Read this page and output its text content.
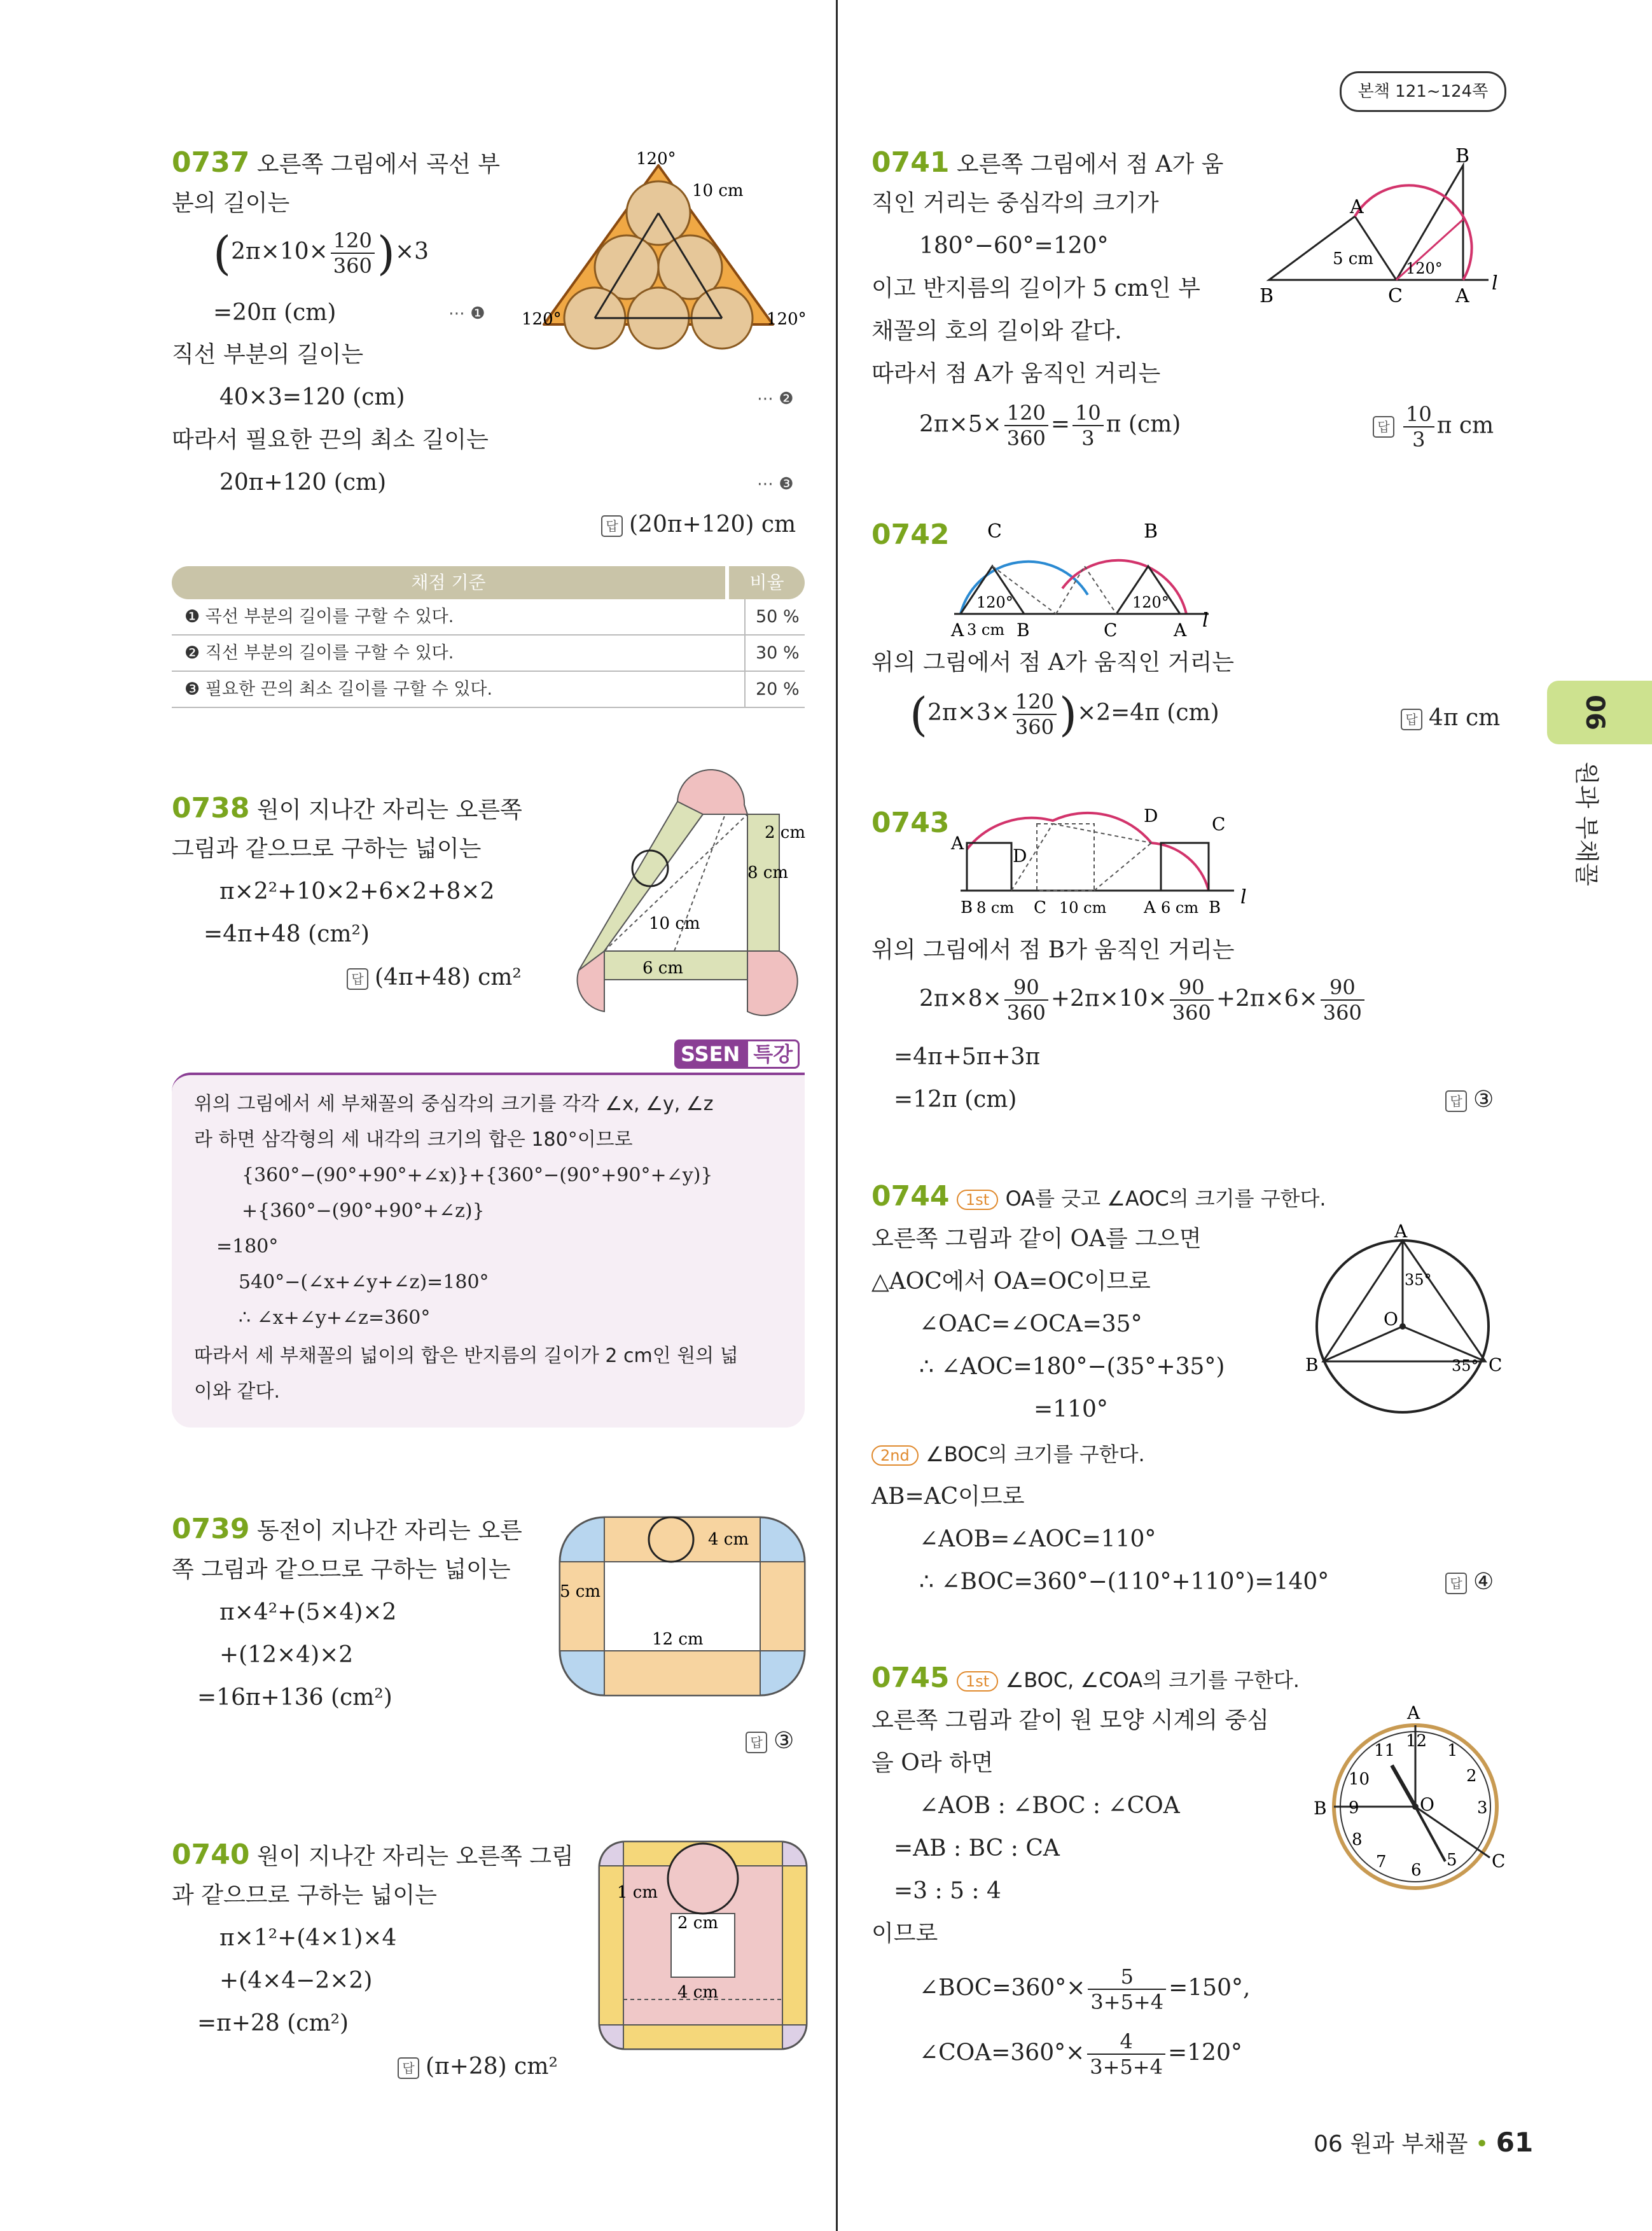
본책 121~124쪽
06
원과 부채꼴
0737 오른쪽 그림에서 곡선 부
분의 길이는
$(2\pi\times 10\times \frac{120}{360} )\times 3$
=20π (cm)	⋯ ❶
직선 부분의 길이는
40×3=120 (cm)	⋯ ❷
따라서 필요한 끈의 최소 길이는
20π+120 (cm)	⋯ ❸
답 (20π+120) cm
120°
10 cm
120°	120°
채점 기준	비율
❶ 곡선 부분의 길이를 구할 수 있다.	50 %
❷ 직선 부분의 길이를 구할 수 있다.	30 %
❸ 필요한 끈의 최소 길이를 구할 수 있다.	20 %
0738 원이 지나간 자리는 오른쪽
그림과 같으므로 구하는 넓이는
π×2²+10×2+6×2+8×2
=4π+48 (cm²)
답 (4π+48) cm²
2 cm
8 cm
10 cm
6 cm
SSEN 특강
위의 그림에서 세 부채꼴의 중심각의 크기를 각각 ∠x, ∠y, ∠z
라 하면 삼각형의 세 내각의 크기의 합은 180°이므로
{360°−(90°+90°+∠x)}+{360°−(90°+90°+∠y)}
+{360°−(90°+90°+∠z)}
=180°
540°−(∠x+∠y+∠z)=180°
∴ ∠x+∠y+∠z=360°
따라서 세 부채꼴의 넓이의 합은 반지름의 길이가 2 cm인 원의 넓
이와 같다.
0739 동전이 지나간 자리는 오른
쪽 그림과 같으므로 구하는 넓이는
π×4²+(5×4)×2
+(12×4)×2
=16π+136 (cm²)
답 ③
4 cm
5 cm
12 cm
0740 원이 지나간 자리는 오른쪽 그림
과 같으므로 구하는 넓이는
π×1²+(4×1)×4
+(4×4−2×2)
=π+28 (cm²)
답 (π+28) cm²
1 cm
2 cm
4 cm
0741 오른쪽 그림에서 점 A가 움
직인 거리는 중심각의 크기가
180°−60°=120°
이고 반지름의 길이가 5 cm인 부
채꼴의 호의 길이와 같다.
따라서 점 A가 움직인 거리는
$2\pi\times 5\times \frac{120}{360} = \frac{10}{3}$ π (cm)	답 $\frac{10}{3}$ π cm
B	C	A
A
B
l
5 cm 120°
0742 C	B
A	B	C	A l
3 cm
120°	120°
위의 그림에서 점 A가 움직인 거리는
$(2\pi\times 3\times \frac{120}{360} )\times 2=4\pi$ (cm)	답 4π cm
0743
A
D
D	C
B	C	A	B l
8 cm	10 cm	6 cm
위의 그림에서 점 B가 움직인 거리는
$2\pi\times 8\times \frac{90}{360} +2\pi\times 10\times \frac{90}{360} +2\pi\times 6\times \frac{90}{360}$
=4π+5π+3π
=12π (cm)	답 ③
0744 1st OA를 긋고 ∠AOC의 크기를 구한다.
오른쪽 그림과 같이 OA를 그으면
△AOC에서 OA=OC이므로
∠OAC=∠OCA=35°
∴ ∠AOC=180°−(35°+35°)
=110°
2nd ∠BOC의 크기를 구한다.
AB=AC이므로
∠AOB=∠AOC=110°
∴ ∠BOC=360°−(110°+110°)=140°	답 ④
A
B	C
O
35°
35°
0745 1st ∠BOC, ∠COA의 크기를 구한다.
오른쪽 그림과 같이 원 모양 시계의 중심
을 O라 하면
∠AOB : ∠BOC : ∠COA
=AB : BC : CA
=3 : 5 : 4
이므로
∠BOC=360°× $\frac{5}{3+5+4} =150^\circ$,
∠COA=360°× $\frac{4}{3+5+4} =120^\circ$
A
B
C
O
12 1
2
3
5
6
7
8
9
10
11
06 원과 부채꼴 • 61
